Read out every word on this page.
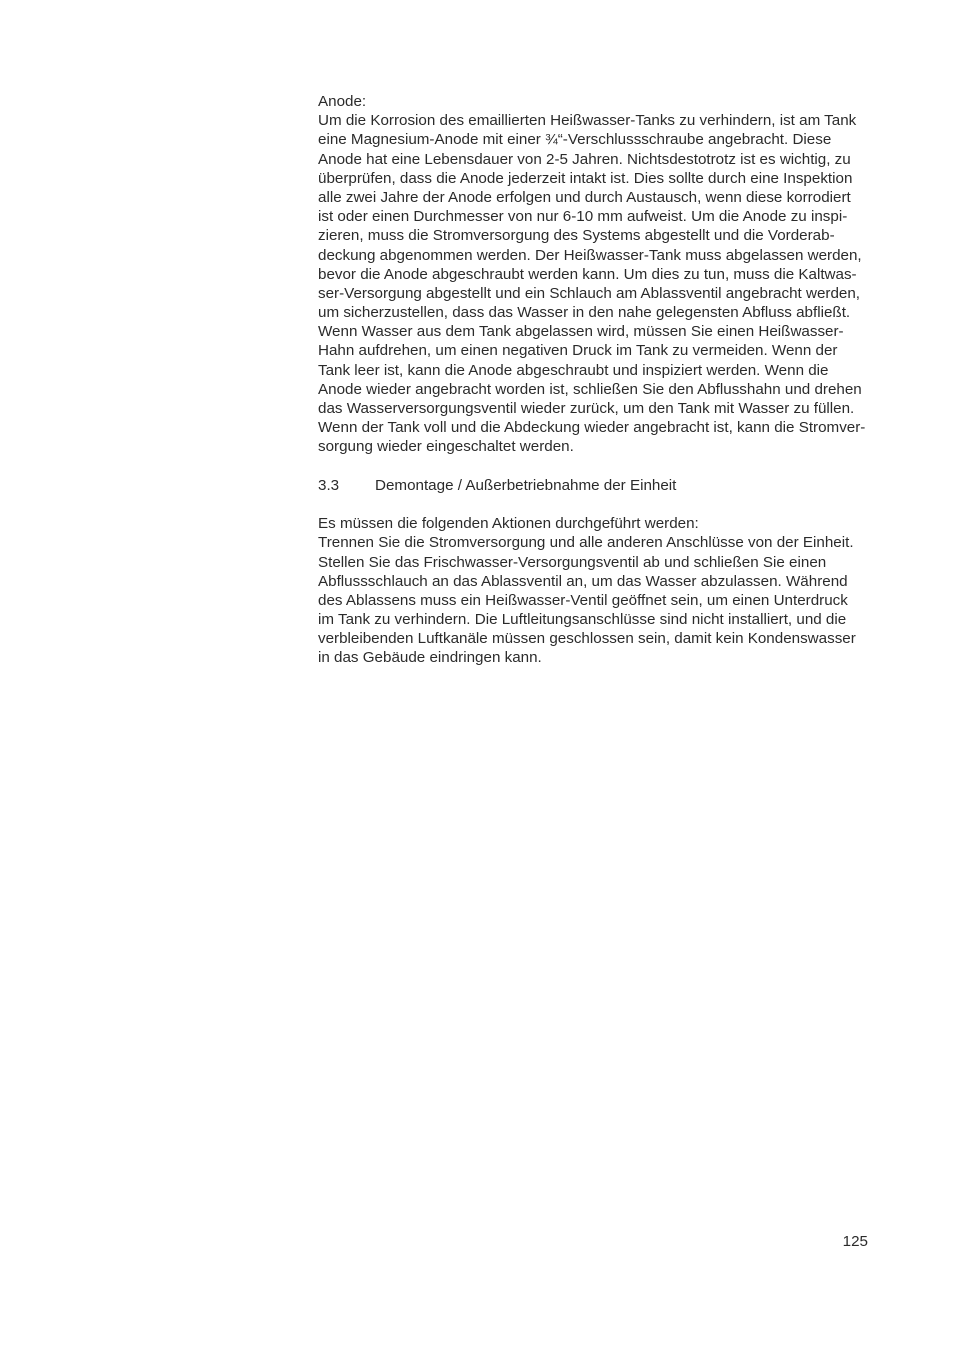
Anode:
Um die Korrosion des emaillierten Heißwasser-Tanks zu verhindern, ist am Tank
eine Magnesium-Anode mit einer ¾“-Verschlussschraube angebracht. Diese
Anode hat eine Lebensdauer von 2-5 Jahren. Nichtsdestotrotz ist es wichtig, zu
überprüfen, dass die Anode jederzeit intakt ist. Dies sollte durch eine Inspektion
alle zwei Jahre der Anode erfolgen und durch Austausch, wenn diese korrodiert
ist oder einen Durchmesser von nur 6-10 mm aufweist. Um die Anode zu inspi-
zieren, muss die Stromversorgung des Systems abgestellt und die Vorderab-
deckung abgenommen werden. Der Heißwasser-Tank muss abgelassen werden,
bevor die Anode abgeschraubt werden kann. Um dies zu tun, muss die Kaltwas-
ser-Versorgung abgestellt und ein Schlauch am Ablassventil angebracht werden,
um sicherzustellen, dass das Wasser in den nahe gelegensten Abfluss abfließt.
Wenn Wasser aus dem Tank abgelassen wird, müssen Sie einen Heißwasser-
Hahn aufdrehen, um einen negativen Druck im Tank zu vermeiden. Wenn der
Tank leer ist, kann die Anode abgeschraubt und inspiziert werden. Wenn die
Anode wieder angebracht worden ist, schließen Sie den Abflusshahn und drehen
das Wasserversorgungsventil wieder zurück, um den Tank mit Wasser zu füllen.
Wenn der Tank voll und die Abdeckung wieder angebracht ist, kann die Stromver-
sorgung wieder eingeschaltet werden.
3.3	Demontage / Außerbetriebnahme der Einheit
Es müssen die folgenden Aktionen durchgeführt werden:
Trennen Sie die Stromversorgung und alle anderen Anschlüsse von der Einheit.
Stellen Sie das Frischwasser-Versorgungsventil ab und schließen Sie einen
Abflussschlauch an das Ablassventil an, um das Wasser abzulassen. Während
des Ablassens muss ein Heißwasser-Ventil geöffnet sein, um einen Unterdruck
im Tank zu verhindern. Die Luftleitungsanschlüsse sind nicht installiert, und die
verbleibenden Luftkanäle müssen geschlossen sein, damit kein Kondenswasser
in das Gebäude eindringen kann.
125
